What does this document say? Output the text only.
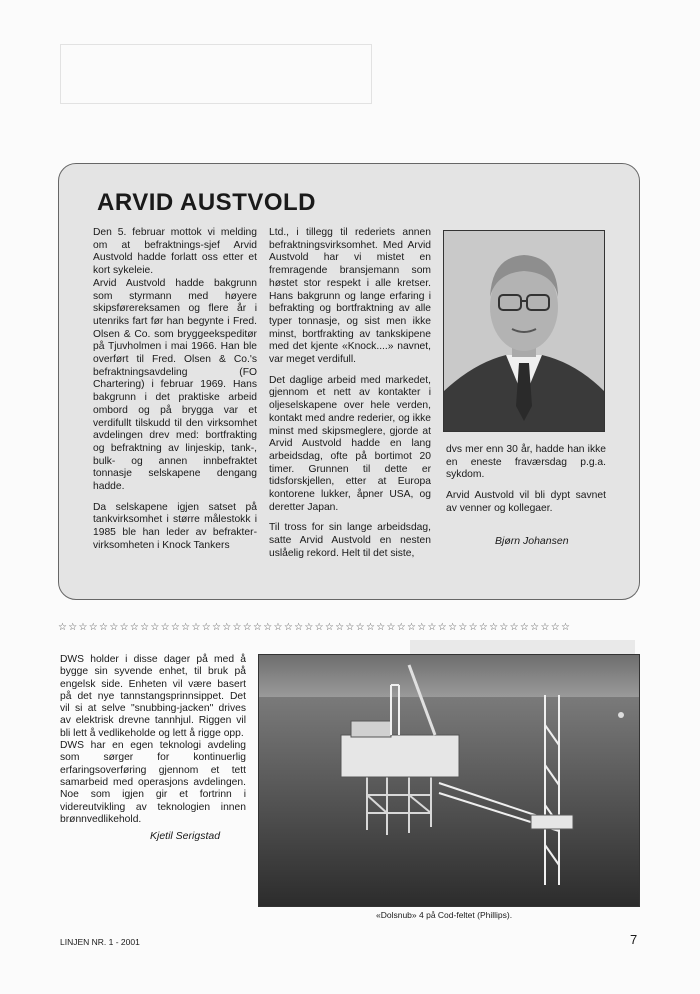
ARVID AUSTVOLD

Den 5. februar mottok vi melding om at befraktnings-sjef Arvid Austvold hadde forlatt oss etter et kort sykeleie.

Arvid Austvold hadde bakgrunn som styrmann med høyere skipsførereksamen og flere år i utenriks fart før han begynte i Fred. Olsen & Co. som bryggeekspeditør på Tjuvholmen i mai 1966. Han ble overført til Fred. Olsen & Co.'s befraktningsavdeling (FO Chartering) i februar 1969. Hans bakgrunn i det praktiske arbeid ombord og på brygga var et verdifullt tilskudd til den virksomhet avdelingen drev med: bortfrakting og befraktning av linjeskip, tank-, bulk- og annen innbefraktet tonnasje selskapene dengang hadde.

Da selskapene igjen satset på tankvirksomhet i større målestokk i 1985 ble han leder av befrakter-virksomheten i Knock Tankers

Ltd., i tillegg til rederiets annen befraktningsvirksomhet. Med Arvid Austvold har vi mistet en fremragende bransjemann som høstet stor respekt i alle kretser. Hans bakgrunn og lange erfaring i befrakting og bortfraktning av alle typer tonnasje, og sist men ikke minst, bortfrakting av tankskipene med det kjente «Knock....» navnet, var meget verdifull.

Det daglige arbeid med markedet, gjennom et nett av kontakter i oljeselskapene over hele verden, kontakt med andre rederier, og ikke minst med skipsmeglere, gjorde at Arvid Austvold hadde en lang arbeidsdag, ofte på bortimot 20 timer. Grunnen til dette er tidsforskjellen, etter at Europa kontorene lukker, åpner USA, og deretter Japan.

Til tross for sin lange arbeidsdag, satte Arvid Austvold en nesten uslåelig rekord. Helt til det siste,

dvs mer enn 30 år, hadde han ikke en eneste fraværsdag p.g.a. sykdom.

Arvid Austvold vil bli dypt savnet av venner og kollegaer.

Bjørn Johansen
☆☆☆☆☆☆☆☆☆☆☆☆☆☆☆☆☆☆☆☆☆☆☆☆☆☆☆☆☆☆☆☆☆☆☆☆☆☆☆☆☆☆☆☆☆☆☆☆☆☆

DWS holder i disse dager på med å bygge sin syvende enhet, til bruk på engelsk side. Enheten vil være basert på det nye tannstangsprinnsippet. Det vil si at selve "snubbing-jacken" drives av elektrisk drevne tannhjul. Riggen vil bli lett å vedlikeholde og lett å rigge opp.

DWS har en egen teknologi avdeling som sørger for kontinuerlig erfaringsoverføring gjennom et tett samarbeid med operasjons avdelingen. Noe som igjen gir et fortrinn i videreutvikling av teknologien innen brønnvedlikehold.

Kjetil Serigstad
«Dolsnub» 4 på Cod-feltet (Phillips).
LINJEN NR. 1 - 2001	7
